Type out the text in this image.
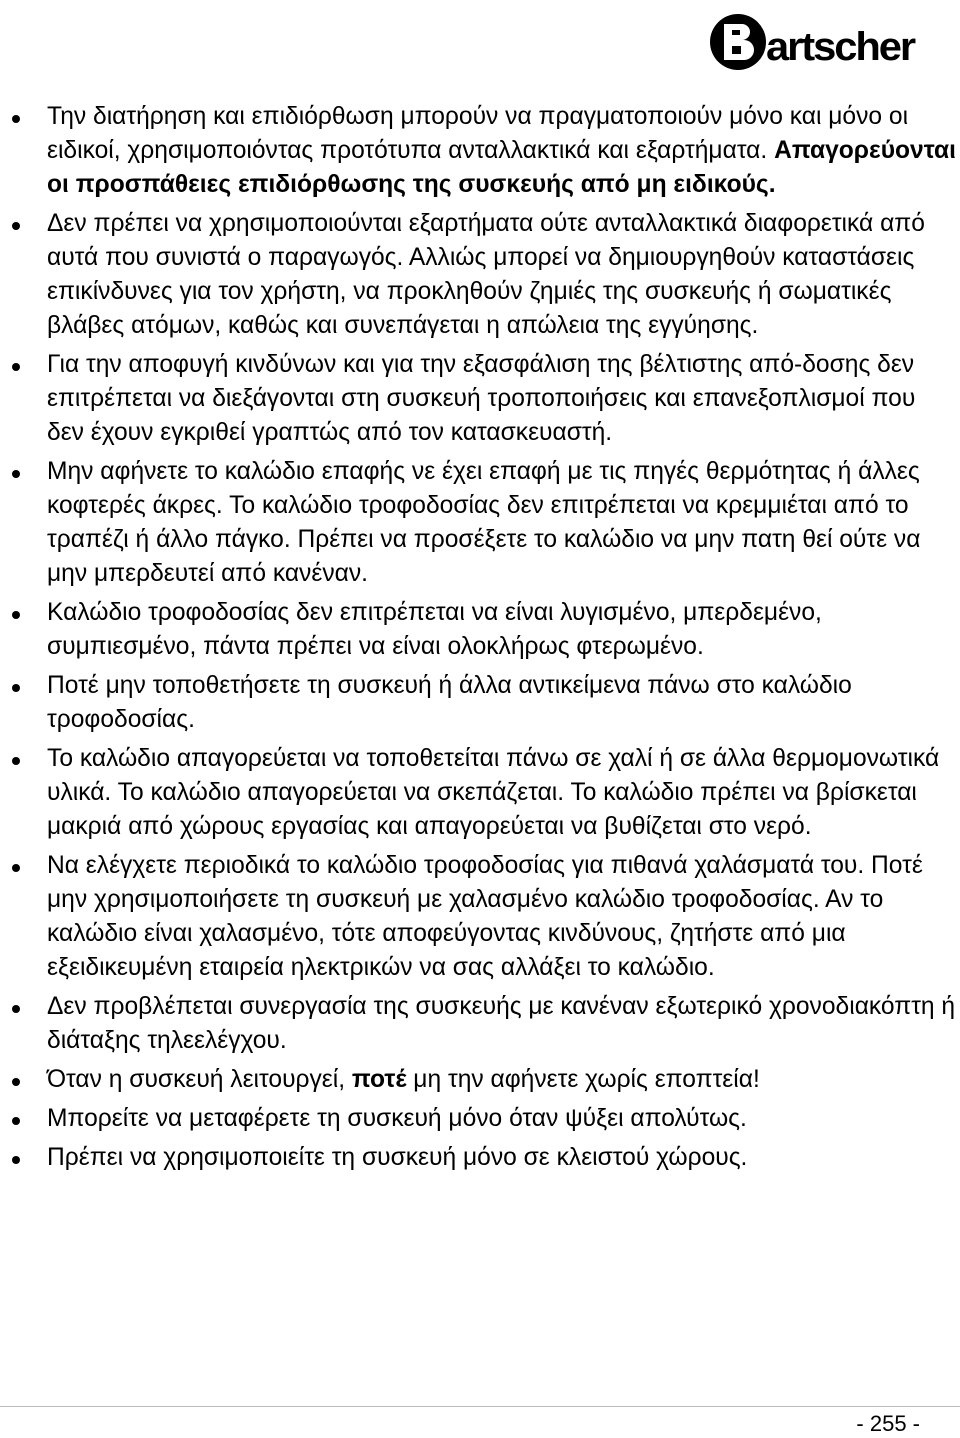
artscher
Την διατήρηση και επιδιόρθωση μπορούν να πραγματοποιούν μόνο και μόνο οι ειδικοί, χρησιμοποιόντας προτότυπα ανταλλακτικά και εξαρτήματα. Απαγορεύονται οι προσπάθειες επιδιόρθωσης της συσκευής από μη ειδικούς.
Δεν πρέπει να χρησιμοποιούνται εξαρτήματα ούτε ανταλλακτικά διαφορετικά από αυτά που συνιστά ο παραγωγός. Αλλιώς μπορεί να δημιουργηθούν καταστάσεις επικίνδυνες για τον χρήστη, να προκληθούν ζημιές της συσκευής ή σωματικές βλάβες ατόμων, καθώς και συνεπάγεται η απώλεια της εγγύησης.
Για την αποφυγή κινδύνων και για την εξασφάλιση της βέλτιστης από-δοσης δεν επιτρέπεται να διεξάγονται στη συσκευή τροποποιήσεις και επανεξοπλισμοί που δεν έχουν εγκριθεί γραπτώς από τον κατασκευαστή.
Μην αφήνετε το καλώδιο επαφής νε έχει επαφή με τις πηγές θερμότητας ή άλλες κοφτερές άκρες. Το καλώδιο τροφοδοσίας δεν επιτρέπεται να κρεμμιέται από το τραπέζι ή άλλο πάγκο. Πρέπει να προσέξετε το καλώδιο να μην πατη θεί ούτε να μην μπερδευτεί από κανέναν.
Καλώδιο τροφοδοσίας δεν επιτρέπεται να είναι λυγισμένο, μπερδεμένο, συμπιεσμένο, πάντα πρέπει να είναι ολοκλήρως φτερωμένο.
Ποτέ μην τοποθετήσετε τη συσκευή ή άλλα αντικείμενα πάνω στο καλώδιο τροφοδοσίας.
Το καλώδιο απαγορεύεται να τοποθετείται πάνω σε χαλί ή σε άλλα θερμομονωτικά υλικά. Το καλώδιο απαγορεύεται να σκεπάζεται. Το καλώδιο πρέπει να βρίσκεται μακριά από χώρους εργασίας και απαγορεύεται να βυθίζεται στο νερό.
Να ελέγχετε περιοδικά το καλώδιο τροφοδοσίας για πιθανά χαλάσματά του. Ποτέ μην χρησιμοποιήσετε τη συσκευή με χαλασμένο καλώδιο τροφοδοσίας. Αν το καλώδιο είναι χαλασμένο, τότε αποφεύγοντας κινδύνους, ζητήστε από μια εξειδικευμένη εταιρεία ηλεκτρικών να σας αλλάξει το καλώδιο.
Δεν προβλέπεται συνεργασία της συσκευής με κανέναν εξωτερικό χρονοδιακόπτη ή διάταξης τηλεελέγχου.
Όταν η συσκευή λειτουργεί, ποτέ μη την αφήνετε χωρίς εποπτεία!
Μπορείτε να μεταφέρετε τη συσκευή μόνο όταν ψύξει απολύτως.
Πρέπει να χρησιμοποιείτε τη συσκευή μόνο σε κλειστού χώρους.
- 255 -
